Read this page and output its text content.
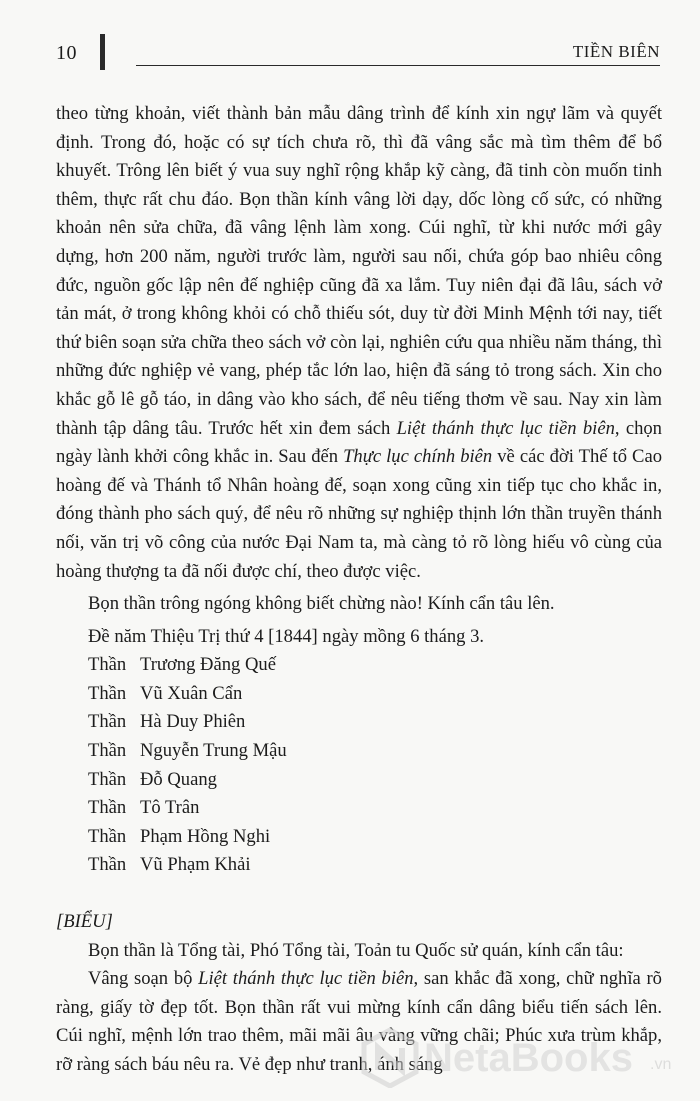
10	TIỀN BIÊN

theo từng khoản, viết thành bản mẫu dâng trình để kính xin ngự lãm và quyết định. Trong đó, hoặc có sự tích chưa rõ, thì đã vâng sắc mà tìm thêm để bổ khuyết. Trông lên biết ý vua suy nghĩ rộng khắp kỹ càng, đã tinh còn muốn tinh thêm, thực rất chu đáo. Bọn thần kính vâng lời dạy, dốc lòng cố sức, có những khoản nên sửa chữa, đã vâng lệnh làm xong. Cúi nghĩ, từ khi nước mới gây dựng, hơn 200 năm, người trước làm, người sau nối, chứa góp bao nhiêu công đức, nguồn gốc lập nên đế nghiệp cũng đã xa lắm. Tuy niên đại đã lâu, sách vở tản mát, ở trong không khỏi có chỗ thiếu sót, duy từ đời Minh Mệnh tới nay, tiết thứ biên soạn sửa chữa theo sách vở còn lại, nghiên cứu qua nhiều năm tháng, thì những đức nghiệp vẻ vang, phép tắc lớn lao, hiện đã sáng tỏ trong sách. Xin cho khắc gỗ lê gỗ táo, in dâng vào kho sách, để nêu tiếng thơm về sau. Nay xin làm thành tập dâng tâu. Trước hết xin đem sách Liệt thánh thực lục tiền biên, chọn ngày lành khởi công khắc in. Sau đến Thực lục chính biên về các đời Thế tổ Cao hoàng đế và Thánh tổ Nhân hoàng đế, soạn xong cũng xin tiếp tục cho khắc in, đóng thành pho sách quý, để nêu rõ những sự nghiệp thịnh lớn thần truyền thánh nối, văn trị võ công của nước Đại Nam ta, mà càng tỏ rõ lòng hiếu vô cùng của hoàng thượng ta đã nối được chí, theo được việc.

Bọn thần trông ngóng không biết chừng nào! Kính cẩn tâu lên.

Đề năm Thiệu Trị thứ 4 [1844] ngày mồng 6 tháng 3.

Thần Trương Đăng Quế
Thần Vũ Xuân Cẩn
Thần Hà Duy Phiên
Thần Nguyễn Trung Mậu
Thần Đỗ Quang
Thần Tô Trân
Thần Phạm Hồng Nghi
Thần Vũ Phạm Khải

[BIỂU]

Bọn thần là Tổng tài, Phó Tổng tài, Toản tu Quốc sử quán, kính cẩn tâu:

Vâng soạn bộ Liệt thánh thực lục tiền biên, san khắc đã xong, chữ nghĩa rõ ràng, giấy tờ đẹp tốt. Bọn thần rất vui mừng kính cẩn dâng biểu tiến sách lên. Cúi nghĩ, mệnh lớn trao thêm, mãi mãi âu vàng vững chãi; Phúc xưa trùm khắp, rỡ ràng sách báu nêu ra. Vẻ đẹp như tranh, ánh sáng

NetaBooks .vn
